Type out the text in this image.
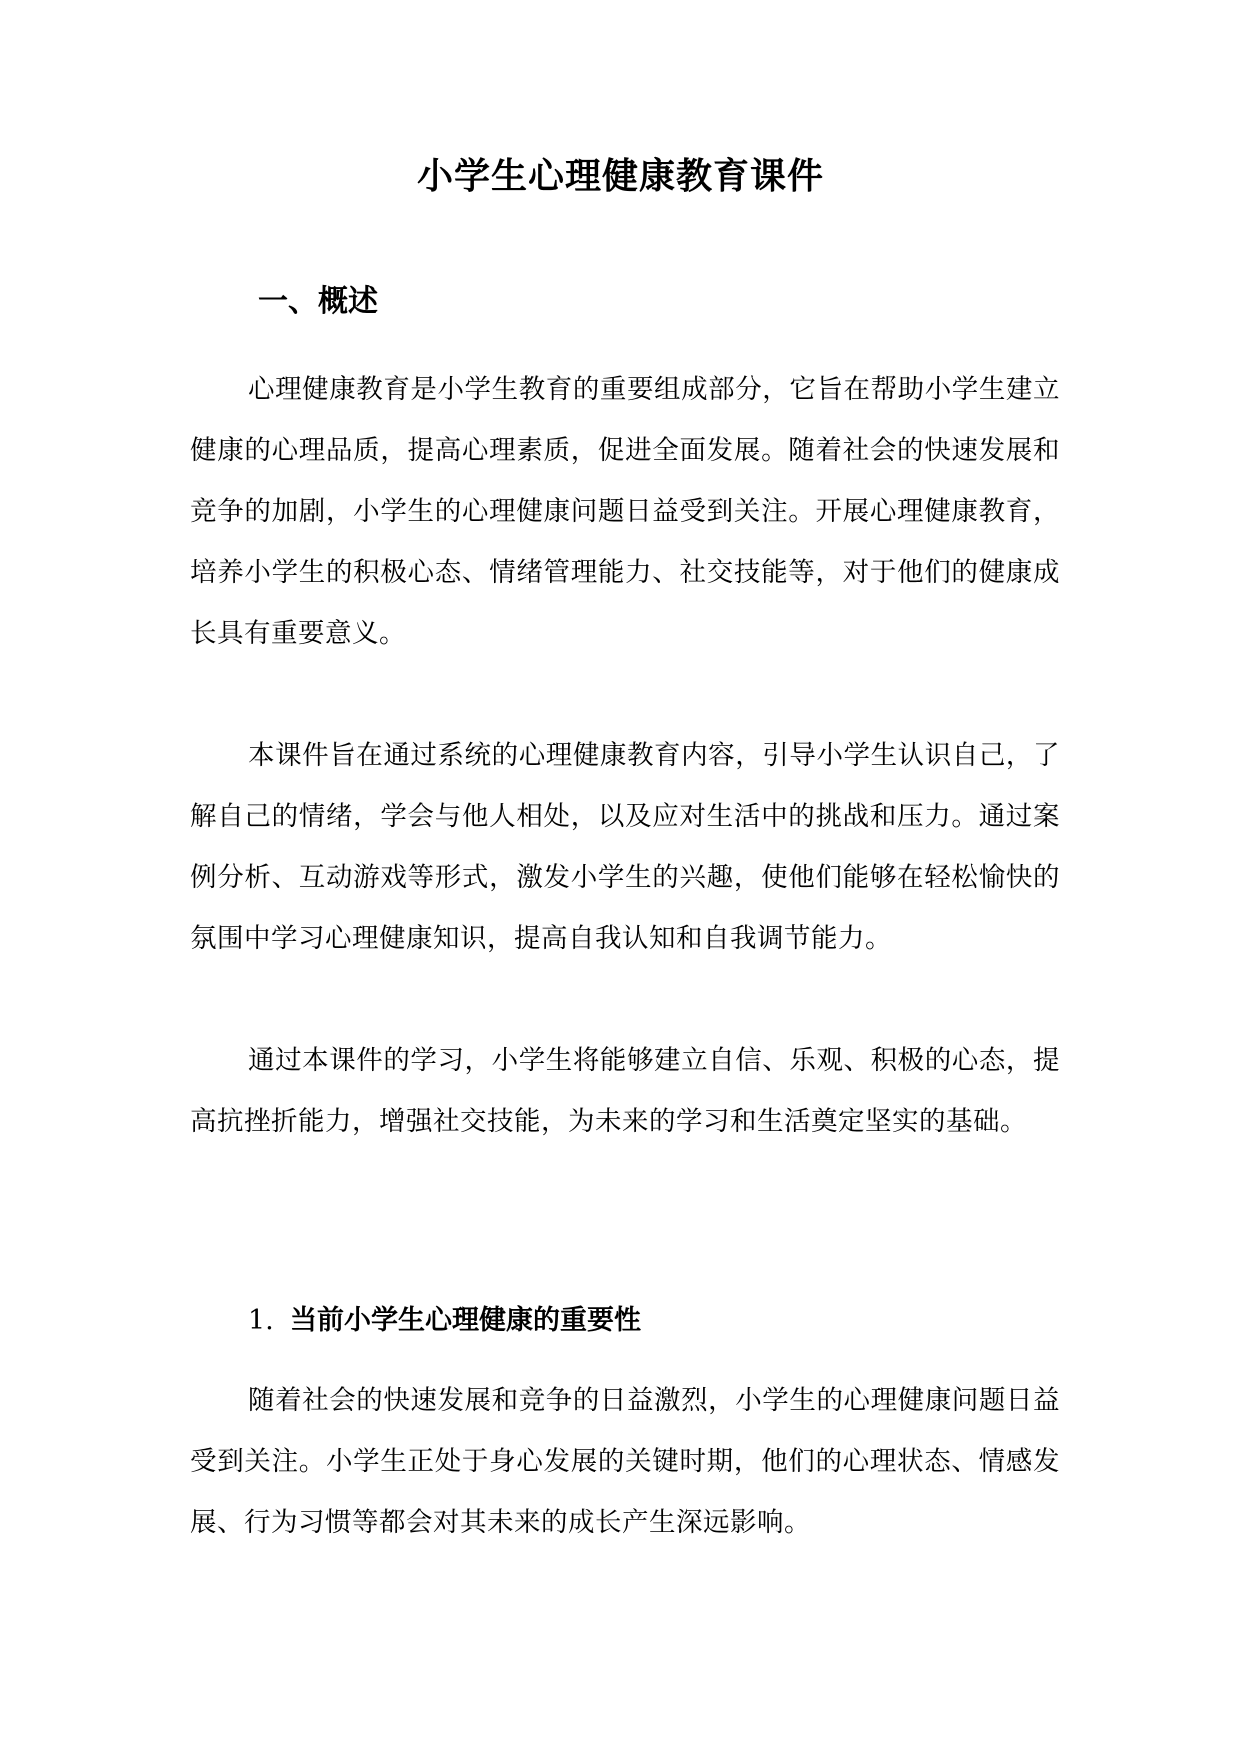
小学生心理健康教育课件
一、概述

心理健康教育是小学生教育的重要组成部分，它旨在帮助小学生建立健康的心理品质，提高心理素质，促进全面发展。随着社会的快速发展和竞争的加剧，小学生的心理健康问题日益受到关注。开展心理健康教育，培养小学生的积极心态、情绪管理能力、社交技能等，对于他们的健康成长具有重要意义。

本课件旨在通过系统的心理健康教育内容，引导小学生认识自己，了解自己的情绪，学会与他人相处，以及应对生活中的挑战和压力。通过案例分析、互动游戏等形式，激发小学生的兴趣，使他们能够在轻松愉快的氛围中学习心理健康知识，提高自我认知和自我调节能力。

通过本课件的学习，小学生将能够建立自信、乐观、积极的心态，提高抗挫折能力，增强社交技能，为未来的学习和生活奠定坚实的基础。

1. 当前小学生心理健康的重要性

随着社会的快速发展和竞争的日益激烈，小学生的心理健康问题日益受到关注。小学生正处于身心发展的关键时期，他们的心理状态、情感发展、行为习惯等都会对其未来的成长产生深远影响。
